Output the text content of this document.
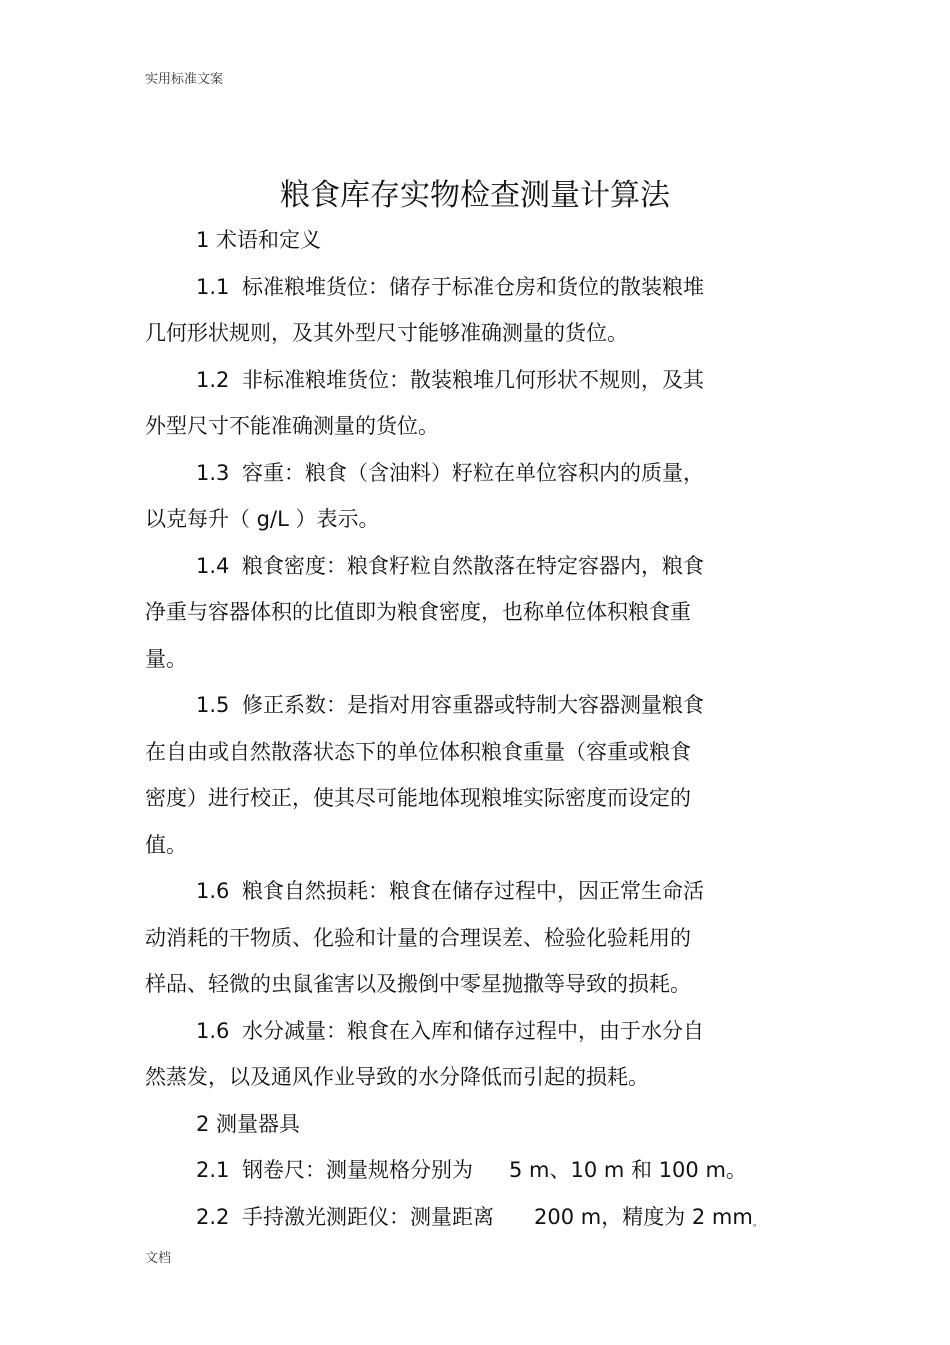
实用标准文案
粮食库存实物检查测量计算法
1 术语和定义
1.1 标准粮堆货位：储存于标准仓房和货位的散装粮堆
几何形状规则，及其外型尺寸能够准确测量的货位。
1.2 非标准粮堆货位：散装粮堆几何形状不规则，及其
外型尺寸不能准确测量的货位。
1.3 容重：粮食（含油料）籽粒在单位容积内的质量，
以克每升（ g/L ）表示。
1.4 粮食密度：粮食籽粒自然散落在特定容器内，粮食
净重与容器体积的比值即为粮食密度，也称单位体积粮食重
量。
1.5 修正系数：是指对用容重器或特制大容器测量粮食
在自由或自然散落状态下的单位体积粮食重量（容重或粮食
密度）进行校正，使其尽可能地体现粮堆实际密度而设定的
值。
1.6 粮食自然损耗：粮食在储存过程中，因正常生命活
动消耗的干物质、化验和计量的合理误差、检验化验耗用的
样品、轻微的虫鼠雀害以及搬倒中零星抛撒等导致的损耗。
1.6 水分减量：粮食在入库和储存过程中，由于水分自
然蒸发，以及通风作业导致的水分降低而引起的损耗。
2 测量器具
2.1 钢卷尺：测量规格分别为 5 m、10 m 和 100 m。
2.2 手持激光测距仪：测量距离 200 m，精度为 2 $mm_。$
文档
